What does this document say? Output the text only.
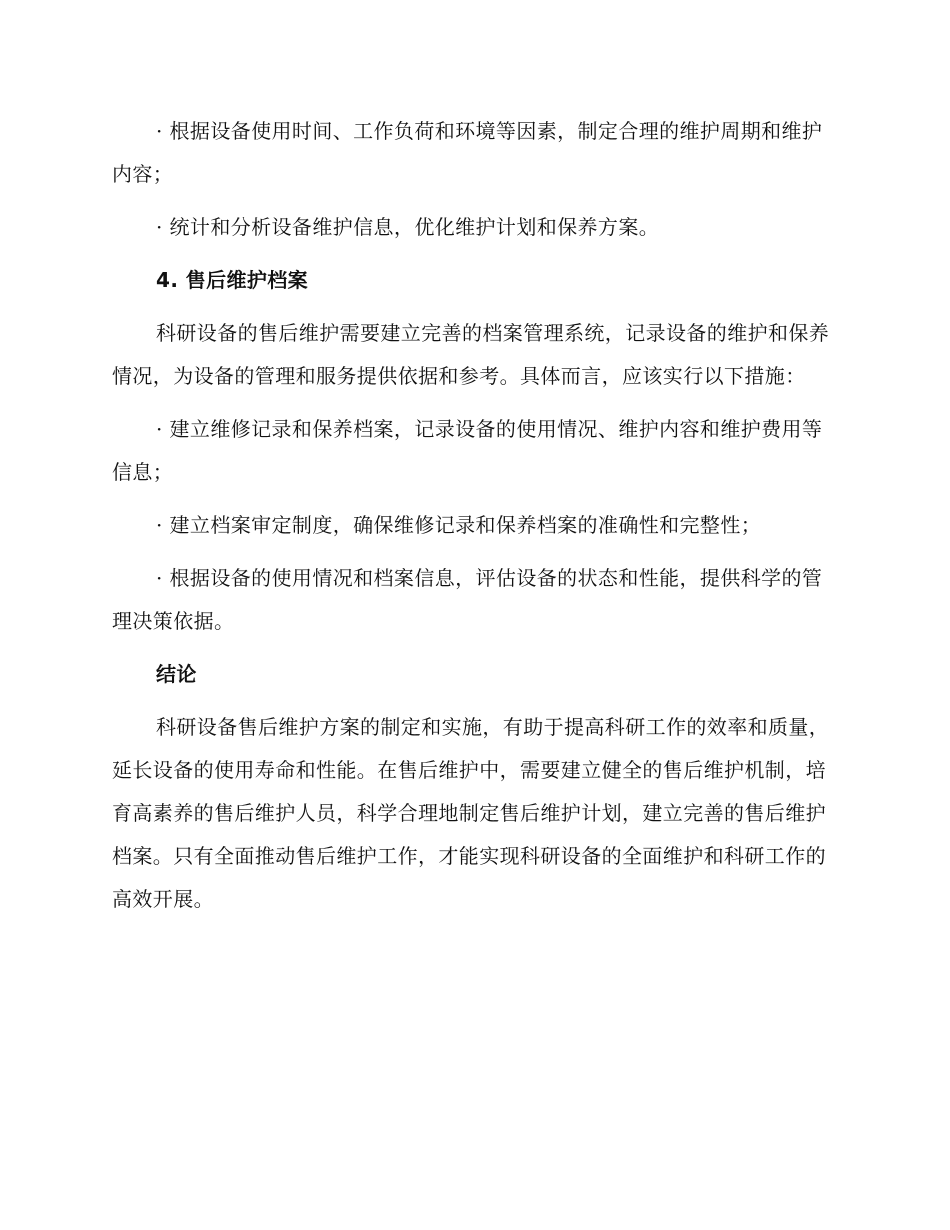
· 根据设备使用时间、工作负荷和环境等因素，制定合理的维护周期和维护内容；

· 统计和分析设备维护信息，优化维护计划和保养方案。

4. 售后维护档案

科研设备的售后维护需要建立完善的档案管理系统，记录设备的维护和保养情况，为设备的管理和服务提供依据和参考。具体而言，应该实行以下措施：

· 建立维修记录和保养档案，记录设备的使用情况、维护内容和维护费用等信息；

· 建立档案审定制度，确保维修记录和保养档案的准确性和完整性；

· 根据设备的使用情况和档案信息，评估设备的状态和性能，提供科学的管理决策依据。

结论

科研设备售后维护方案的制定和实施，有助于提高科研工作的效率和质量，延长设备的使用寿命和性能。在售后维护中，需要建立健全的售后维护机制，培育高素养的售后维护人员，科学合理地制定售后维护计划，建立完善的售后维护档案。只有全面推动售后维护工作，才能实现科研设备的全面维护和科研工作的高效开展。
